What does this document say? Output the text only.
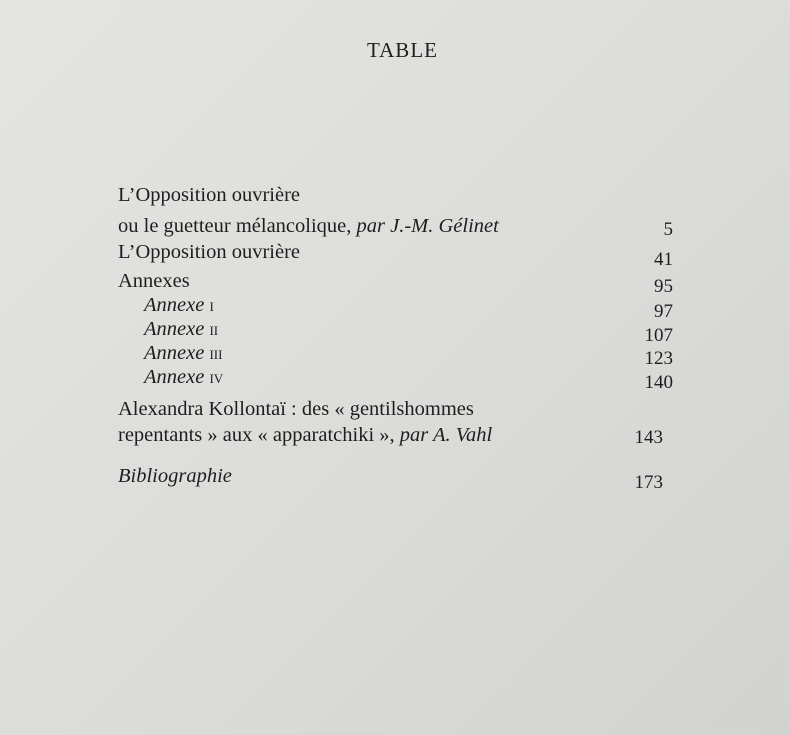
TABLE
L’Opposition ouvrière
ou le guetteur mélancolique, par J.-M. Gélinet	5
L’Opposition ouvrière	41
Annexes	95
Annexe i	97
Annexe ii	107
Annexe iii	123
Annexe iv	140
Alexandra Kollontaï : des « gentilshommes
repentants » aux « apparatchiki », par A. Vahl	143
Bibliographie	173
